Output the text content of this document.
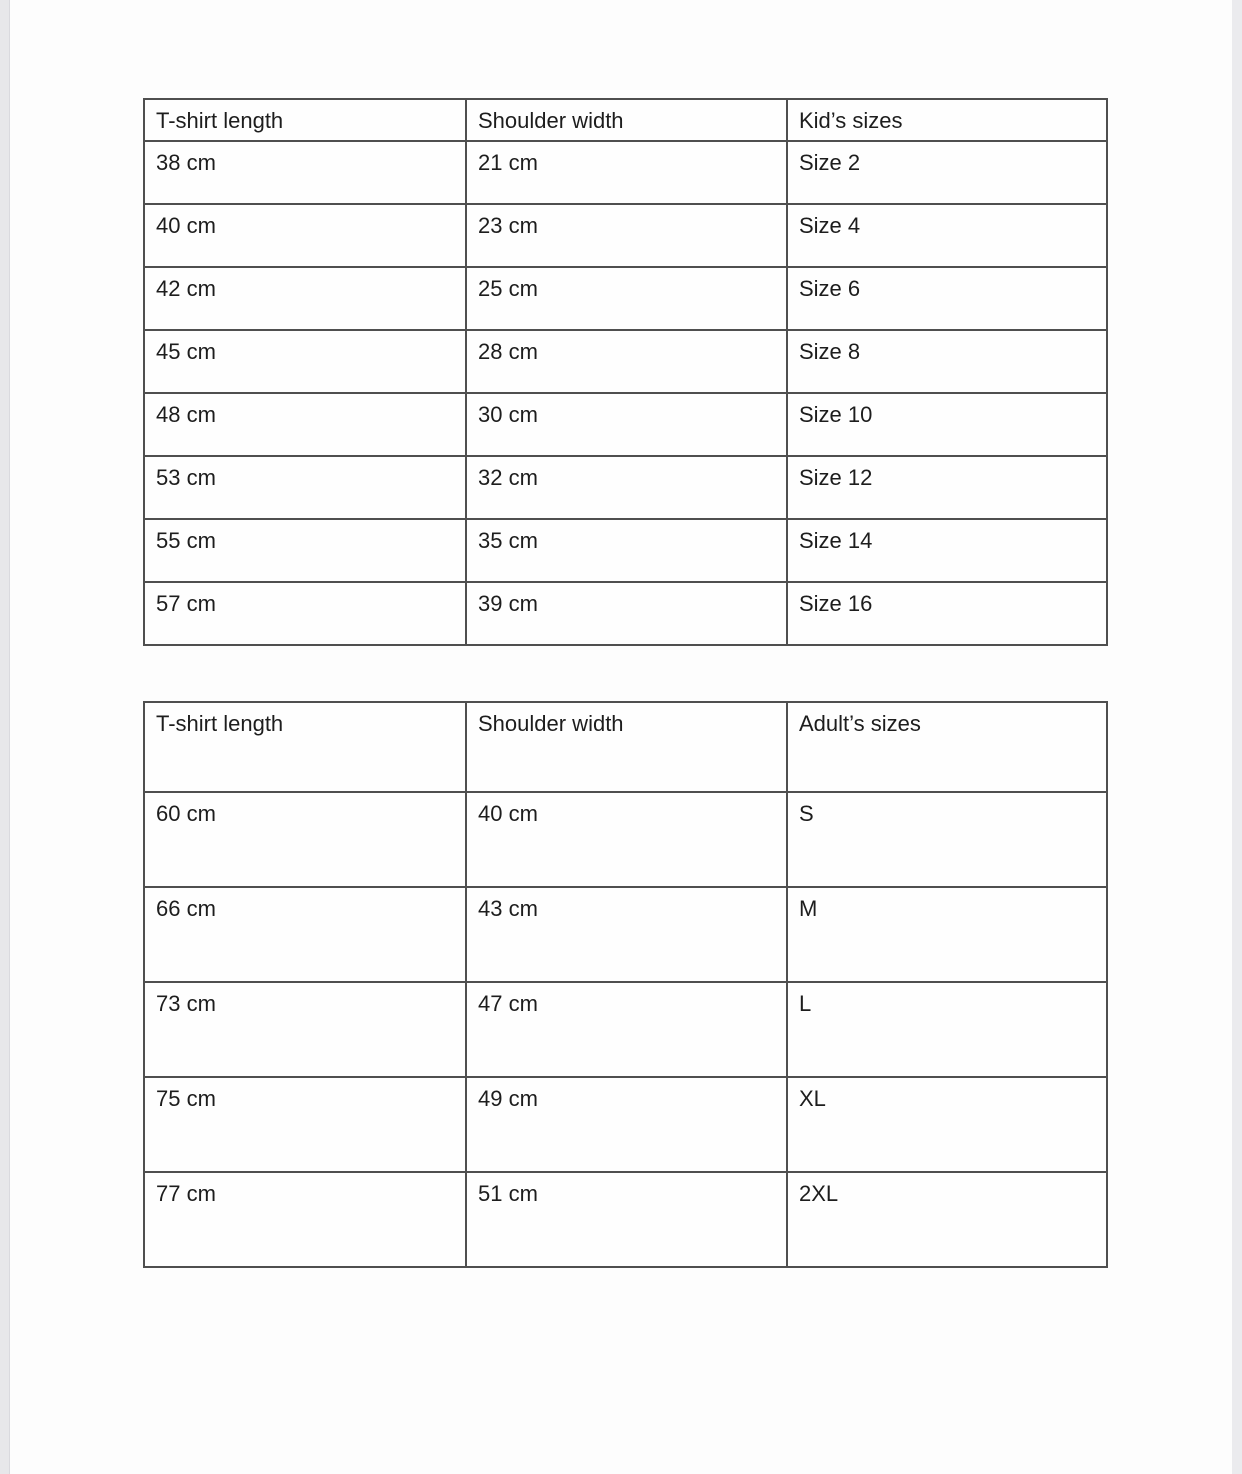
T-shirt length	Shoulder width	Kid’s sizes
38 cm	21 cm	Size 2
40 cm	23 cm	Size 4
42 cm	25 cm	Size 6
45 cm	28 cm	Size 8
48 cm	30 cm	Size 10
53 cm	32 cm	Size 12
55 cm	35 cm	Size 14
57 cm	39 cm	Size 16
T-shirt length	Shoulder width	Adult’s sizes
60 cm	40 cm	S
66 cm	43 cm	M
73 cm	47 cm	L
75 cm	49 cm	XL
77 cm	51 cm	2XL
